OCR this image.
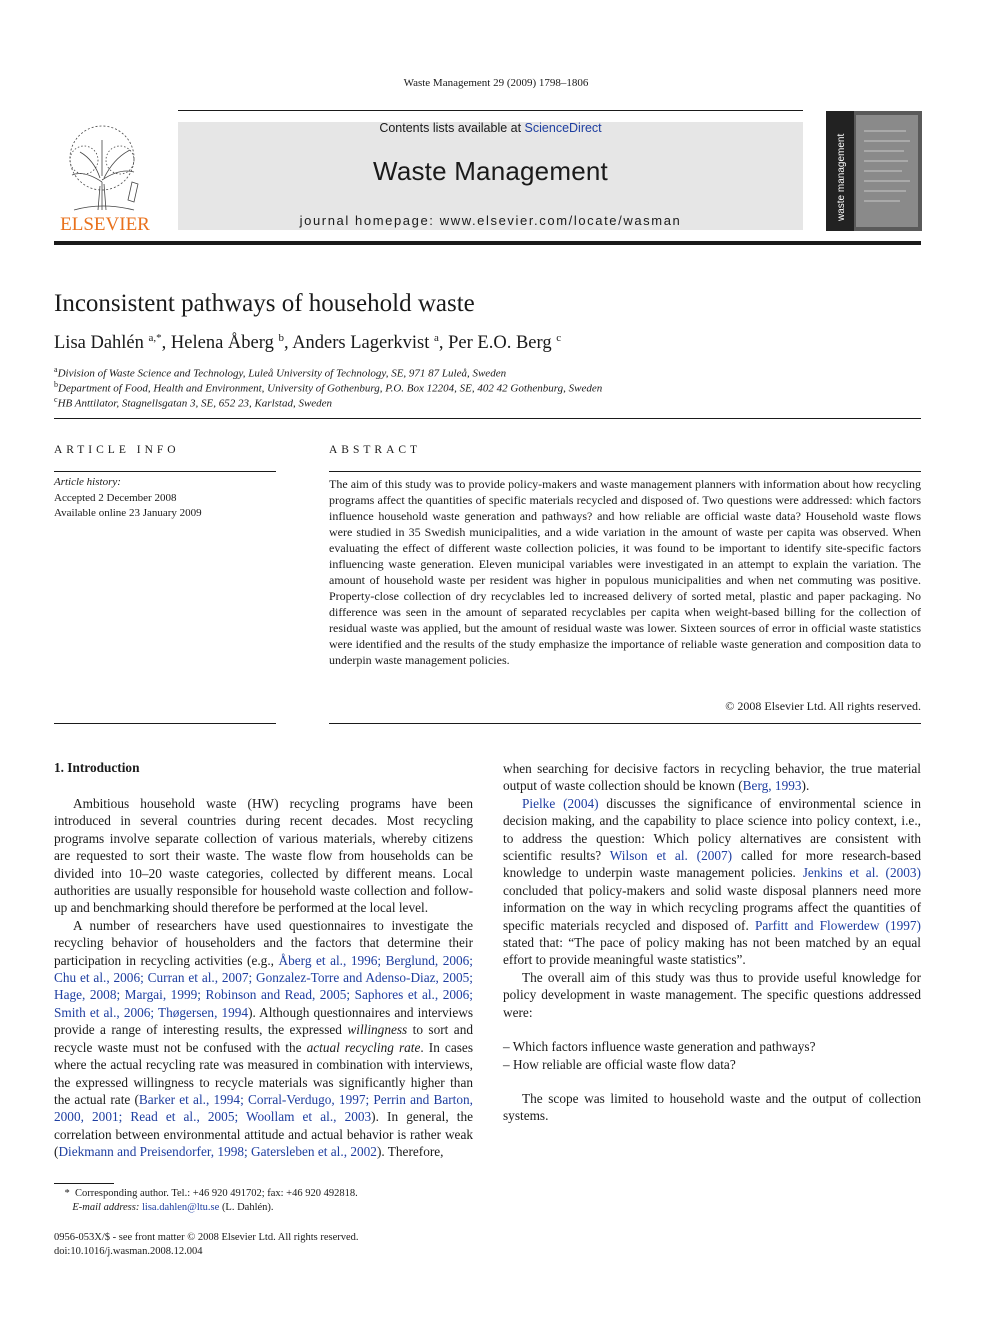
Waste Management 29 (2009) 1798–1806
ELSEVIER
Contents lists available at ScienceDirect
Waste Management
journal homepage: www.elsevier.com/locate/wasman	waste management
Inconsistent pathways of household waste
Lisa Dahlén $^{a,*}$, Helena Åberg $^b$, Anders Lagerkvist $^a$, Per E.O. Berg $^c$
$^a$Division of Waste Science and Technology, Luleå University of Technology, SE, 971 87 Luleå, Sweden
$^b$Department of Food, Health and Environment, University of Gothenburg, P.O. Box 12204, SE, 402 42 Gothenburg, Sweden
$^c$HB Anttilator, Stagnellsgatan 3, SE, 652 23, Karlstad, Sweden
ARTICLE INFO
Article history:
Accepted 2 December 2008
Available online 23 January 2009
ABSTRACT
The aim of this study was to provide policy-makers and waste management planners with information about how recycling programs affect the quantities of specific materials recycled and disposed of. Two questions were addressed: which factors influence household waste generation and pathways? and how reliable are official waste data? Household waste flows were studied in 35 Swedish municipalities, and a wide variation in the amount of waste per capita was observed. When evaluating the effect of different waste collection policies, it was found to be important to identify site-specific factors influencing waste generation. Eleven municipal variables were investigated in an attempt to explain the variation. The amount of household waste per resident was higher in populous municipalities and when net commuting was positive. Property-close collection of dry recyclables led to increased delivery of sorted metal, plastic and paper packaging. No difference was seen in the amount of separated recyclables per capita when weight-based billing for the collection of residual waste was applied, but the amount of residual waste was lower. Sixteen sources of error in official waste statistics were identified and the results of the study emphasize the importance of reliable waste generation and composition data to underpin waste management policies.
© 2008 Elsevier Ltd. All rights reserved.
1. Introduction

Ambitious household waste (HW) recycling programs have been introduced in several countries during recent decades. Most recycling programs involve separate collection of various materials, whereby citizens are requested to sort their waste. The waste flow from households can be divided into 10–20 waste categories, collected by different means. Local authorities are usually responsible for household waste collection and follow-up and benchmarking should therefore be performed at the local level.

A number of researchers have used questionnaires to investigate the recycling behavior of householders and the factors that determine their participation in recycling activities (e.g., Åberg et al., 1996; Berglund, 2006; Chu et al., 2006; Curran et al., 2007; Gonzalez-Torre and Adenso-Diaz, 2005; Hage, 2008; Margai, 1999; Robinson and Read, 2005; Saphores et al., 2006; Smith et al., 2006; Thøgersen, 1994). Although questionnaires and interviews provide a range of interesting results, the expressed willingness to sort and recycle waste must not be confused with the actual recycling rate. In cases where the actual recycling rate was measured in combination with interviews, the expressed willingness to recycle materials was significantly higher than the actual rate (Barker et al., 1994; Corral-Verdugo, 1997; Perrin and Barton, 2000, 2001; Read et al., 2005; Woollam et al., 2003). In general, the correlation between environmental attitude and actual behavior is rather weak (Diekmann and Preisendorfer, 1998; Gatersleben et al., 2002). Therefore,

* Corresponding author. Tel.: +46 920 491702; fax: +46 920 492818.
E-mail address: lisa.dahlen@ltu.se (L. Dahlén).
0956-053X/$ - see front matter © 2008 Elsevier Ltd. All rights reserved.
doi:10.1016/j.wasman.2008.12.004

when searching for decisive factors in recycling behavior, the true material output of waste collection should be known (Berg, 1993).

Pielke (2004) discusses the significance of environmental science in decision making, and the capability to place science into policy context, i.e., to address the question: Which policy alternatives are consistent with scientific results? Wilson et al. (2007) called for more research-based knowledge to underpin waste management policies. Jenkins et al. (2003) concluded that policy-makers and solid waste disposal planners need more information on the way in which recycling programs affect the quantities of specific materials recycled and disposed of. Parfitt and Flowerdew (1997) stated that: “The pace of policy making has not been matched by an equal effort to provide meaningful waste statistics”.

The overall aim of this study was thus to provide useful knowledge for policy development in waste management. The specific questions addressed were:

– Which factors influence waste generation and pathways?
– How reliable are official waste flow data?

The scope was limited to household waste and the output of collection systems.
